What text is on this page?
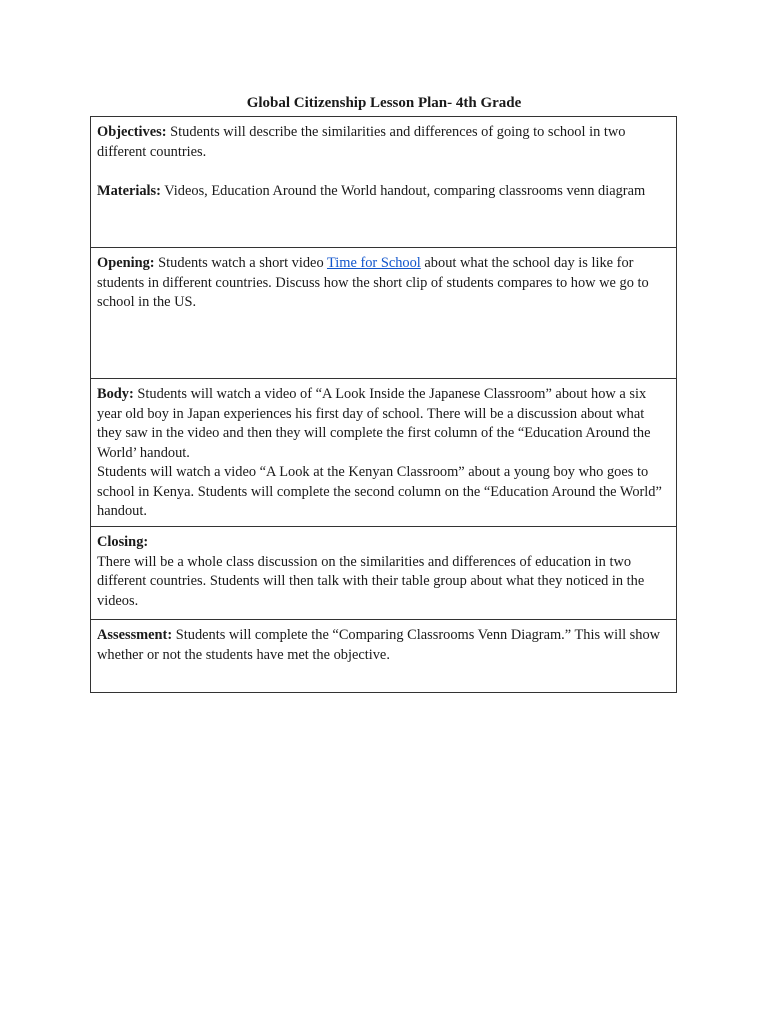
Global Citizenship Lesson Plan- 4th Grade

Objectives: Students will describe the similarities and differences of going to school in two different countries.

Materials: Videos, Education Around the World handout, comparing classrooms venn diagram

Opening: Students watch a short video Time for School about what the school day is like for students in different countries. Discuss how the short clip of students compares to how we go to school in the US.

Body: Students will watch a video of “A Look Inside the Japanese Classroom” about how a six year old boy in Japan experiences his first day of school. There will be a discussion about what they saw in the video and then they will complete the first column of the “Education Around the World’ handout.

Students will watch a video “A Look at the Kenyan Classroom” about a young boy who goes to school in Kenya. Students will complete the second column on the “Education Around the World” handout.

Closing:

There will be a whole class discussion on the similarities and differences of education in two different countries. Students will then talk with their table group about what they noticed in the videos.

Assessment: Students will complete the “Comparing Classrooms Venn Diagram.” This will show whether or not the students have met the objective.
